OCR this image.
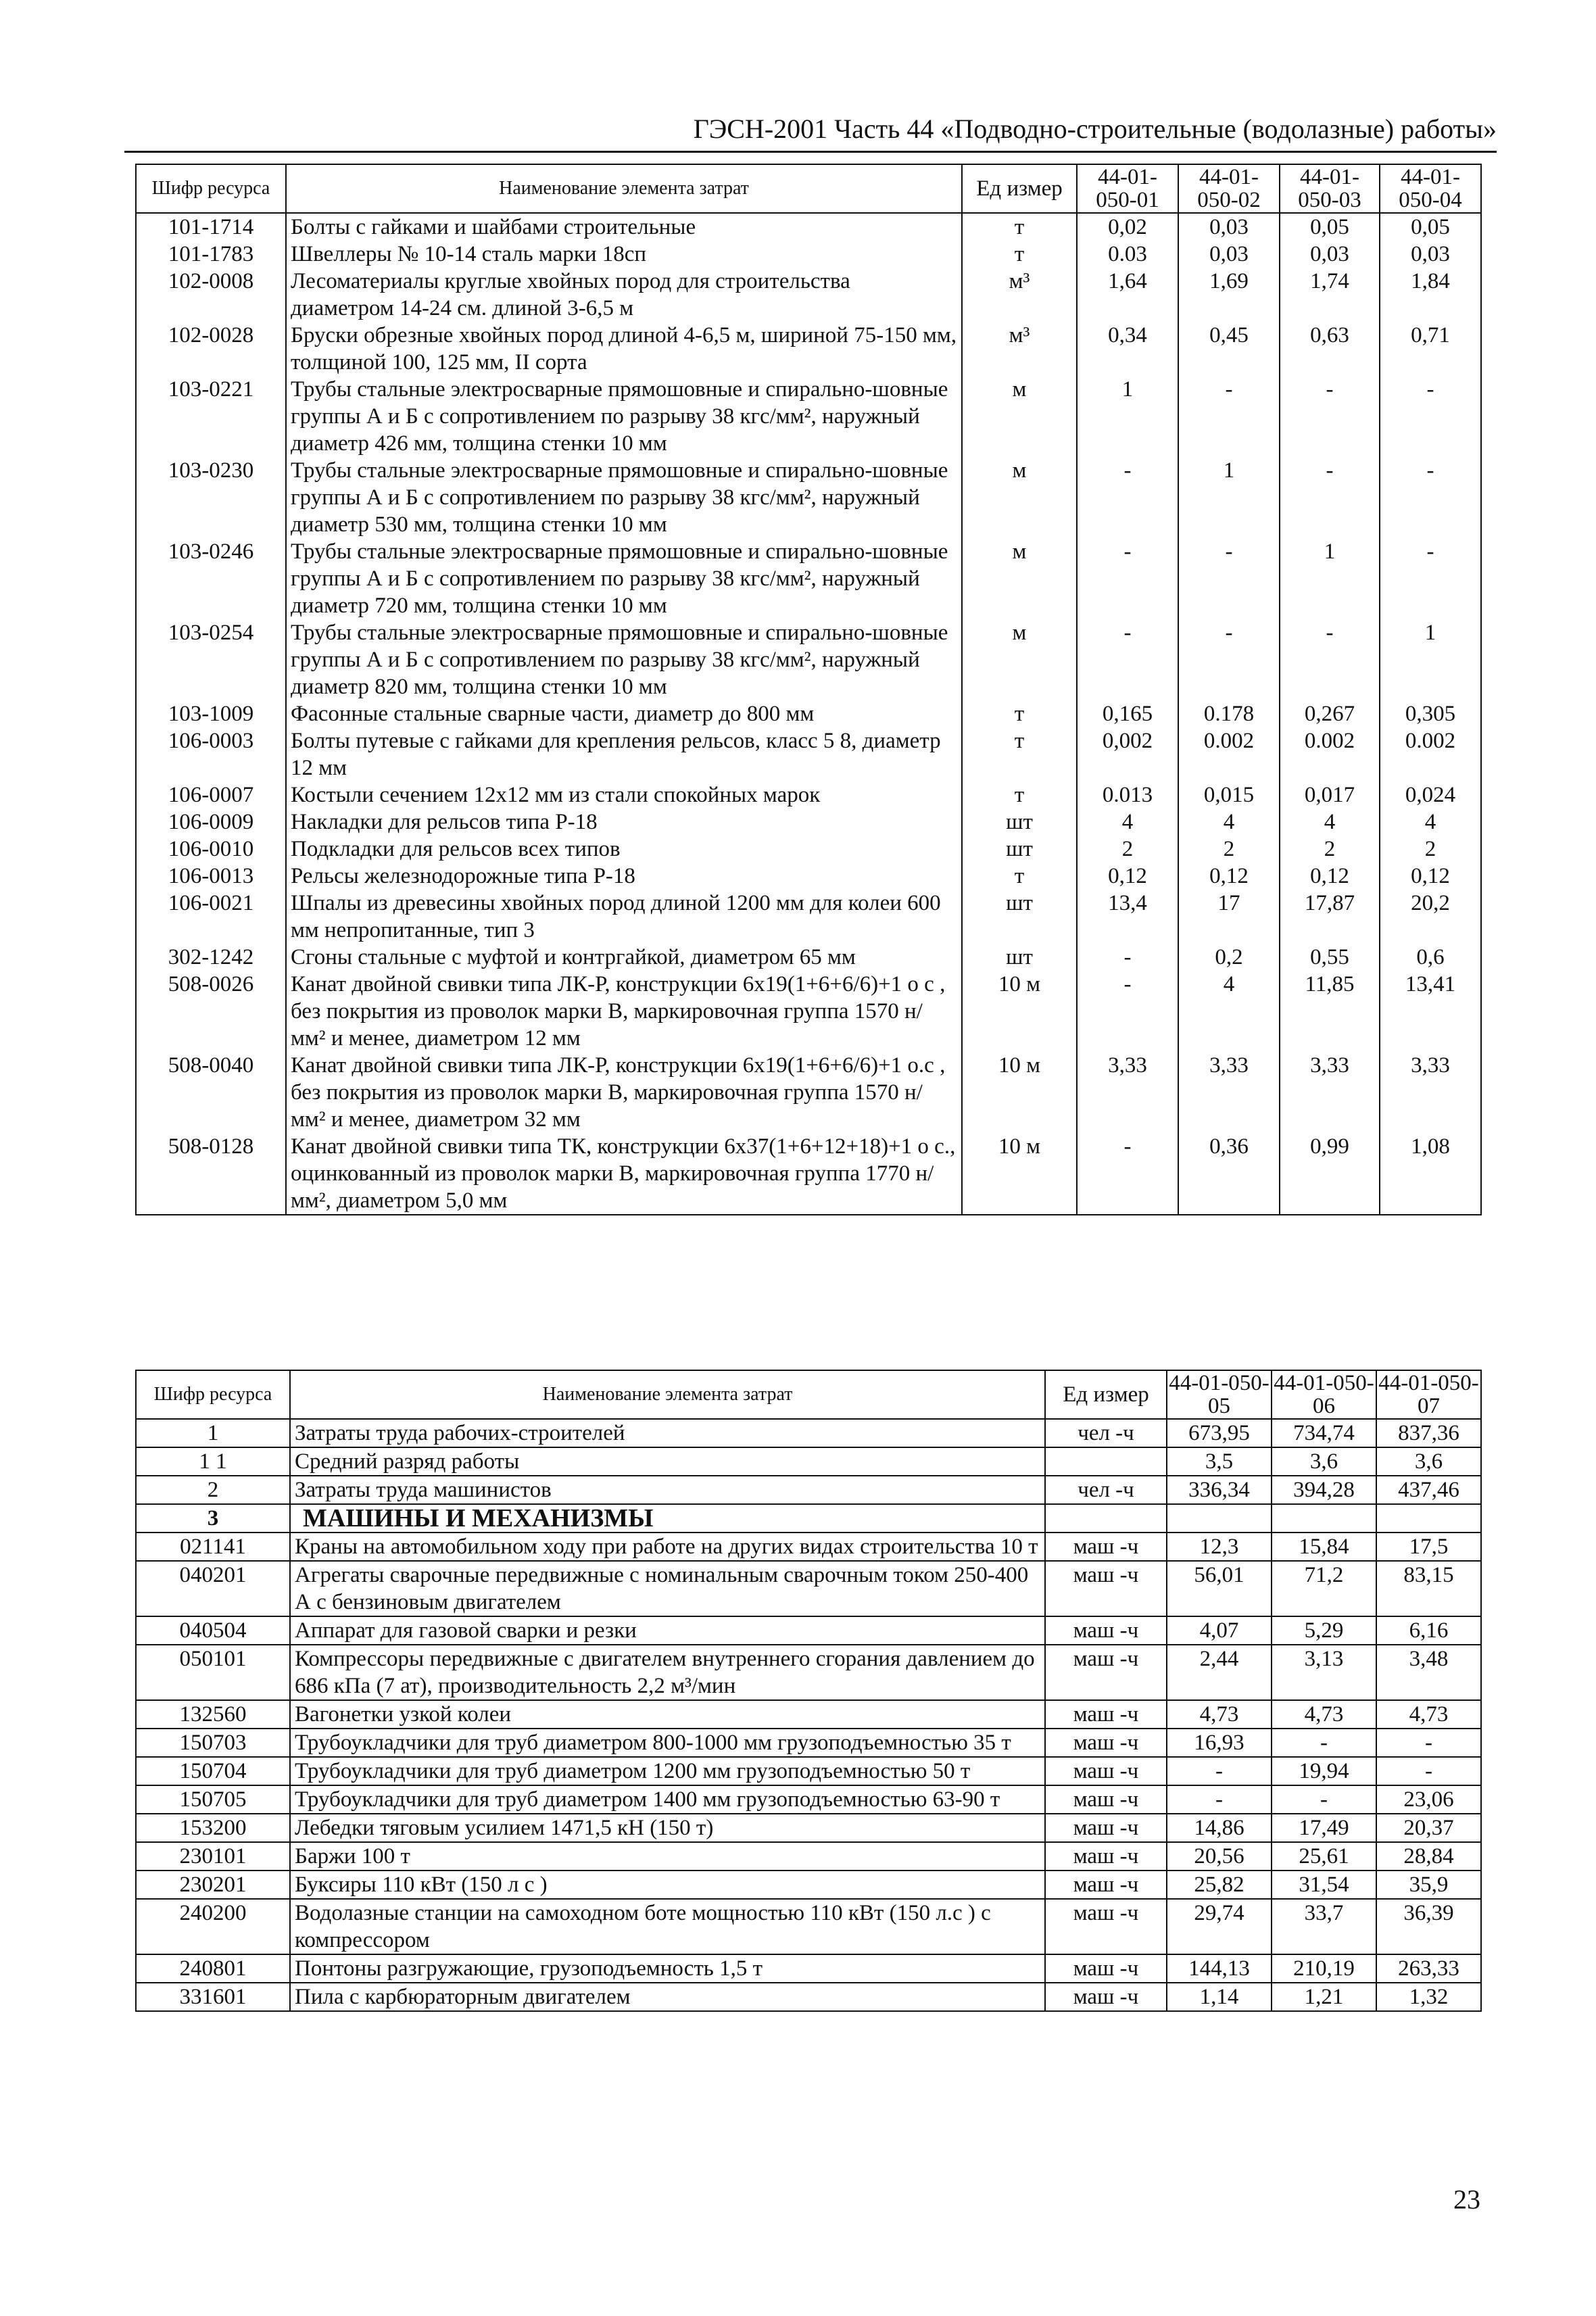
ГЭСН-2001 Часть 44 «Подводно-строительные (водолазные) работы»
Шифр ресурса	Наименование элемента затрат	Ед измер	44-01-050-01	44-01-050-02	44-01-050-03	44-01-050-04
101-1714	Болты с гайками и шайбами строительные	т	0,02	0,03	0,05	0,05
101-1783	Швеллеры № 10-14 сталь марки 18сп	т	0.03	0,03	0,03	0,03
102-0008	Лесоматериалы круглые хвойных пород для строительства диаметром 14-24 см. длиной 3-6,5 м	м³	1,64	1,69	1,74	1,84
102-0028	Бруски обрезные хвойных пород длиной 4-6,5 м, шириной 75-150 мм, толщиной 100, 125 мм, II сорта	м³	0,34	0,45	0,63	0,71
103-0221	Трубы стальные электросварные прямошовные и спирально-шовные группы А и Б с сопротивлением по разрыву 38 кгс/мм², наружный диаметр 426 мм, толщина стенки 10 мм	м	1	-	-	-
103-0230	Трубы стальные электросварные прямошовные и спирально-шовные группы А и Б с сопротивлением по разрыву 38 кгс/мм², наружный диаметр 530 мм, толщина стенки 10 мм	м	-	1	-	-
103-0246	Трубы стальные электросварные прямошовные и спирально-шовные группы А и Б с сопротивлением по разрыву 38 кгс/мм², наружный диаметр 720 мм, толщина стенки 10 мм	м	-	-	1	-
103-0254	Трубы стальные электросварные прямошовные и спирально-шовные группы А и Б с сопротивлением по разрыву 38 кгс/мм², наружный диаметр 820 мм, толщина стенки 10 мм	м	-	-	-	1
103-1009	Фасонные стальные сварные части, диаметр до 800 мм	т	0,165	0.178	0,267	0,305
106-0003	Болты путевые с гайками для крепления рельсов, класс 5 8, диаметр 12 мм	т	0,002	0.002	0.002	0.002
106-0007	Костыли сечением 12х12 мм из стали спокойных марок	т	0.013	0,015	0,017	0,024
106-0009	Накладки для рельсов типа Р-18	шт	4	4	4	4
106-0010	Подкладки для рельсов всех типов	шт	2	2	2	2
106-0013	Рельсы железнодорожные типа Р-18	т	0,12	0,12	0,12	0,12
106-0021	Шпалы из древесины хвойных пород длиной 1200 мм для колеи 600 мм непропитанные, тип 3	шт	13,4	17	17,87	20,2
302-1242	Сгоны стальные с муфтой и контргайкой, диаметром 65 мм	шт	-	0,2	0,55	0,6
508-0026	Канат двойной свивки типа ЛК-Р, конструкции 6х19(1+6+6/6)+1 о с , без покрытия из проволок марки В, маркировочная группа 1570 н/мм² и менее, диаметром 12 мм	10 м	-	4	11,85	13,41
508-0040	Канат двойной свивки типа ЛК-Р, конструкции 6х19(1+6+6/6)+1 о.с , без покрытия из проволок марки В, маркировочная группа 1570 н/мм² и менее, диаметром 32 мм	10 м	3,33	3,33	3,33	3,33
508-0128	Канат двойной свивки типа ТК, конструкции 6х37(1+6+12+18)+1 о с., оцинкованный из проволок марки В, маркировочная группа 1770 н/мм², диаметром 5,0 мм	10 м	-	0,36	0,99	1,08
Шифр ресурса	Наименование элемента затрат	Ед измер	44-01-050-05	44-01-050-06	44-01-050-07
1	Затраты труда рабочих-строителей	чел -ч	673,95	734,74	837,36
1 1	Средний разряд работы		3,5	3,6	3,6
2	Затраты труда машинистов	чел -ч	336,34	394,28	437,46
3	МАШИНЫ И МЕХАНИЗМЫ				
021141	Краны на автомобильном ходу при работе на других видах строительства 10 т	маш -ч	12,3	15,84	17,5
040201	Агрегаты сварочные передвижные с номинальным сварочным током 250-400 А с бензиновым двигателем	маш -ч	56,01	71,2	83,15
040504	Аппарат для газовой сварки и резки	маш -ч	4,07	5,29	6,16
050101	Компрессоры передвижные с двигателем внутреннего сгорания давлением до 686 кПа (7 ат), производительность 2,2 м³/мин	маш -ч	2,44	3,13	3,48
132560	Вагонетки узкой колеи	маш -ч	4,73	4,73	4,73
150703	Трубоукладчики для труб диаметром 800-1000 мм грузоподъемностью 35 т	маш -ч	16,93	-	-
150704	Трубоукладчики для труб диаметром 1200 мм грузоподъемностью 50 т	маш -ч	-	19,94	-
150705	Трубоукладчики для труб диаметром 1400 мм грузоподъемностью 63-90 т	маш -ч	-	-	23,06
153200	Лебедки тяговым усилием 1471,5 кН (150 т)	маш -ч	14,86	17,49	20,37
230101	Баржи 100 т	маш -ч	20,56	25,61	28,84
230201	Буксиры 110 кВт (150 л с )	маш -ч	25,82	31,54	35,9
240200	Водолазные станции на самоходном боте мощностью 110 кВт (150 л.с ) с компрессором	маш -ч	29,74	33,7	36,39
240801	Понтоны разгружающие, грузоподъемность 1,5 т	маш -ч	144,13	210,19	263,33
331601	Пила с карбюраторным двигателем	маш -ч	1,14	1,21	1,32
23
